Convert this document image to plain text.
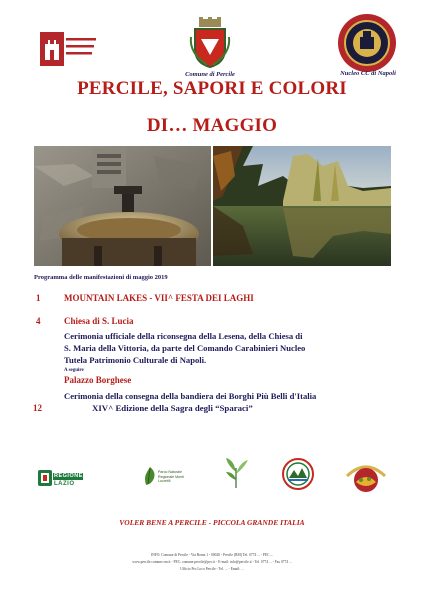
Comune di Percile	Nucleo CC di Napoli
PERCILE, SAPORI E COLORI
DI… MAGGIO
Programma delle manifestazioni di maggio 2019
1	MOUNTAIN LAKES - VII^ FESTA DEI LAGHI
4	Chiesa di S. Lucia
Cerimonia ufficiale della riconsegna della Lesena, della Chiesa di
S. Maria della Vittoria, da parte del Comando Carabinieri Nucleo
Tutela Patrimonio Culturale di Napoli.
A seguire
Palazzo Borghese
Cerimonia della consegna della bandiera dei Borghi Più Belli d'Italia
12	XIV^ Edizione della Sagra degli “Sparaci”
REGIONE
LAZIO
Parco Naturale Regionale Monti Lucretili
VOLER BENE A PERCILE - PICCOLA GRANDE ITALIA
INFO: Comune di Percile - Via Roma 1 - 00020 - Percile (RM) Tel. 0774 ... - PEC ...
www.percile.comune.rm.it - PEC: comune.percile@pec.it - E-mail: info@percile.it - Tel. 0774 ... - Fax 0774 ...
Ufficio Pro Loco Percile - Tel. ... - Email: ...
